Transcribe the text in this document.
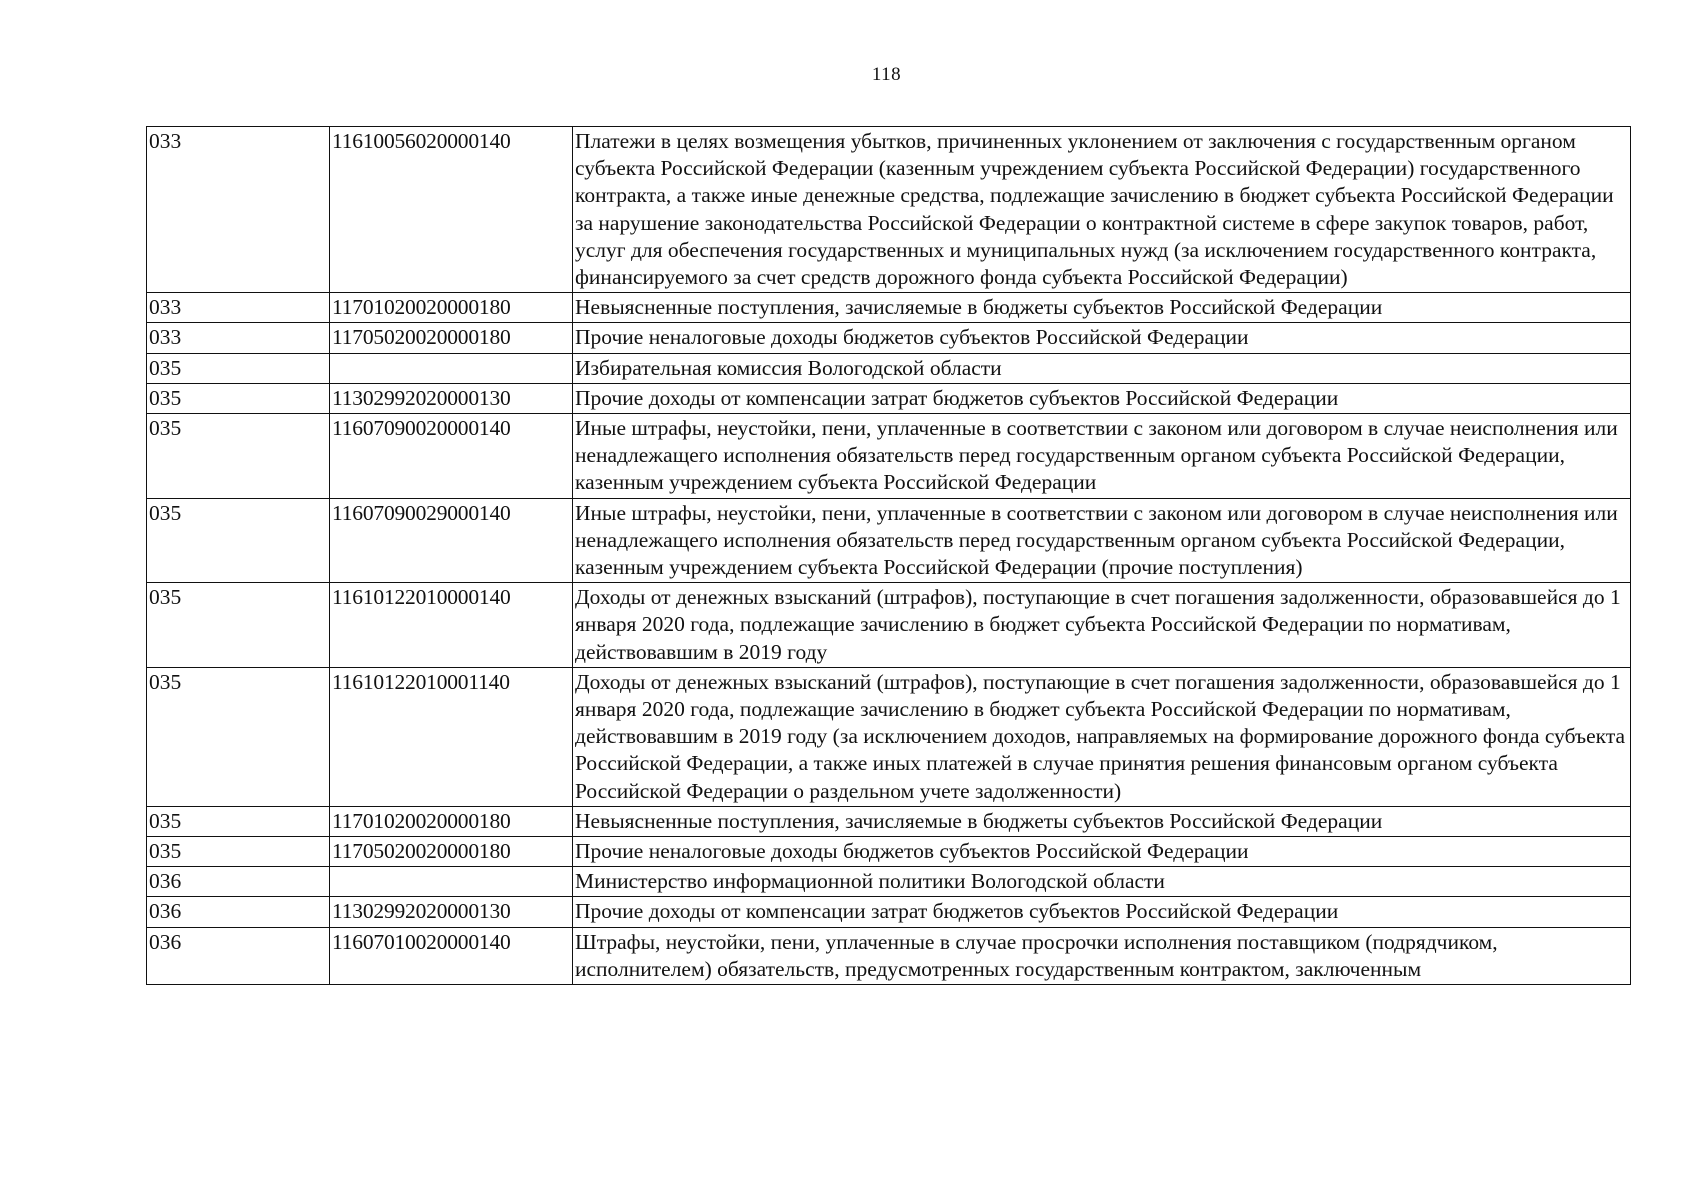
118
033	11610056020000140	Платежи в целях возмещения убытков, причиненных уклонением от заключения с государственным органом субъекта Российской Федерации (казенным учреждением субъекта Российской Федерации) государственного контракта, а также иные денежные средства, подлежащие зачислению в бюджет субъекта Российской Федерации за нарушение законодательства Российской Федерации о контрактной системе в сфере закупок товаров, работ, услуг для обеспечения государственных и муниципальных нужд (за исключением государственного контракта, финансируемого за счет средств дорожного фонда субъекта Российской Федерации)
033	11701020020000180	Невыясненные поступления, зачисляемые в бюджеты субъектов Российской Федерации
033	11705020020000180	Прочие неналоговые доходы бюджетов субъектов Российской Федерации
035		Избирательная комиссия Вологодской области
035	11302992020000130	Прочие доходы от компенсации затрат бюджетов субъектов Российской Федерации
035	11607090020000140	Иные штрафы, неустойки, пени, уплаченные в соответствии с законом или договором в случае неисполнения или ненадлежащего исполнения обязательств перед государственным органом субъекта Российской Федерации, казенным учреждением субъекта Российской Федерации
035	11607090029000140	Иные штрафы, неустойки, пени, уплаченные в соответствии с законом или договором в случае неисполнения или ненадлежащего исполнения обязательств перед государственным органом субъекта Российской Федерации, казенным учреждением субъекта Российской Федерации (прочие поступления)
035	11610122010000140	Доходы от денежных взысканий (штрафов), поступающие в счет погашения задолженности, образовавшейся до 1 января 2020 года, подлежащие зачислению в бюджет субъекта Российской Федерации по нормативам, действовавшим в 2019 году
035	11610122010001140	Доходы от денежных взысканий (штрафов), поступающие в счет погашения задолженности, образовавшейся до 1 января 2020 года, подлежащие зачислению в бюджет субъекта Российской Федерации по нормативам, действовавшим в 2019 году (за исключением доходов, направляемых на формирование дорожного фонда субъекта Российской Федерации, а также иных платежей в случае принятия решения финансовым органом субъекта Российской Федерации о раздельном учете задолженности)
035	11701020020000180	Невыясненные поступления, зачисляемые в бюджеты субъектов Российской Федерации
035	11705020020000180	Прочие неналоговые доходы бюджетов субъектов Российской Федерации
036		Министерство информационной политики Вологодской области
036	11302992020000130	Прочие доходы от компенсации затрат бюджетов субъектов Российской Федерации
036	11607010020000140	Штрафы, неустойки, пени, уплаченные в случае просрочки исполнения поставщиком (подрядчиком, исполнителем) обязательств, предусмотренных государственным контрактом, заключенным
